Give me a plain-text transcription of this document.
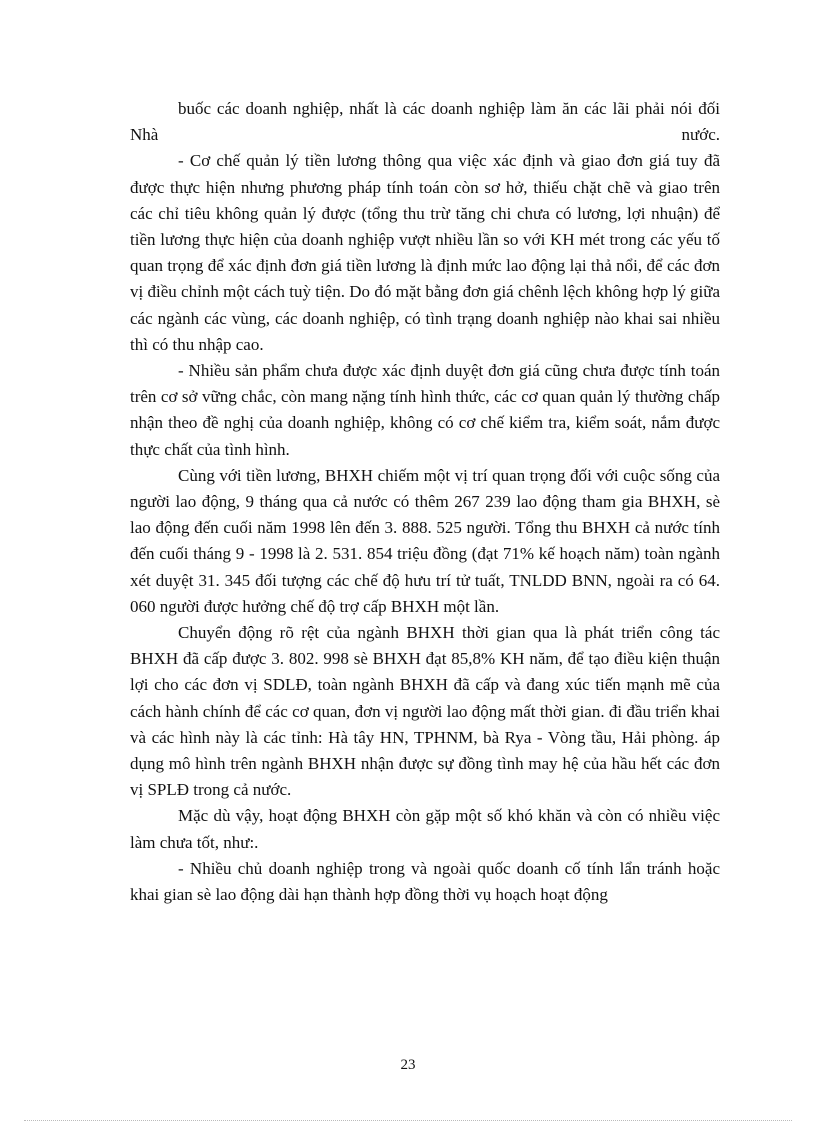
buốc các doanh nghiệp, nhất là các doanh nghiệp làm ăn các lãi phải nói đối Nhà nước.

- Cơ chế quản lý tiền lương thông qua việc xác định và giao đơn giá tuy đã được thực hiện nhưng phương pháp tính toán còn sơ hở, thiếu chặt chẽ và giao trên các chỉ tiêu không quản lý được (tổng thu trừ tăng chi chưa có lương, lợi nhuận) để tiền lương thực hiện của doanh nghiệp vượt nhiều lần so với KH mét trong các yếu tố quan trọng để xác định đơn giá tiền lương là định mức lao động lại thả nổi, để các đơn vị điều chỉnh một cách tuỳ tiện. Do đó mặt bằng đơn giá chênh lệch không hợp lý giữa các ngành các vùng, các doanh nghiệp, có tình trạng doanh nghiệp nào khai sai nhiều thì có thu nhập cao.

- Nhiều sản phẩm chưa được xác định duyệt đơn giá cũng chưa được tính toán trên cơ sở vững chắc, còn mang nặng tính hình thức, các cơ quan quản lý thường chấp nhận theo đề nghị của doanh nghiệp, không có cơ chế kiểm tra, kiểm soát, nắm được thực chất của tình hình.

Cùng với tiền lương, BHXH chiếm một vị trí quan trọng đối với cuộc sống của người lao động, 9 tháng qua cả nước có thêm 267 239 lao động tham gia BHXH, sè lao động đến cuối năm 1998 lên đến 3. 888. 525 người. Tổng thu BHXH cả nước tính đến cuối tháng 9 - 1998 là 2. 531. 854 triệu đồng (đạt 71% kế hoạch năm) toàn ngành xét duyệt 31. 345 đối tượng các chế độ hưu trí tử tuất, TNLDD BNN, ngoài ra có 64. 060 người được hưởng chế độ trợ cấp BHXH một lần.

Chuyển động rõ rệt của ngành BHXH thời gian qua là phát triển công tác BHXH đã cấp được 3. 802. 998 sè BHXH đạt 85,8% KH năm, để tạo điều kiện thuận lợi cho các đơn vị SDLĐ, toàn ngành BHXH đã cấp và đang xúc tiến mạnh mẽ của cách hành chính để các cơ quan, đơn vị người lao động mất thời gian. đi đầu triển khai và các hình này là các tỉnh: Hà tây HN, TPHNM, bà Rya - Vòng tầu, Hải phòng. áp dụng mô hình trên ngành BHXH nhận được sự đồng tình may hệ của hầu hết các đơn vị SPLĐ trong cả nước.

Mặc dù vậy, hoạt động BHXH còn gặp một số khó khăn và còn có nhiều việc làm chưa tốt, như:.

- Nhiều chủ doanh nghiệp trong và ngoài quốc doanh cố tính lẩn tránh hoặc khai gian sè lao động dài hạn thành hợp đồng thời vụ hoạch hoạt động

23
